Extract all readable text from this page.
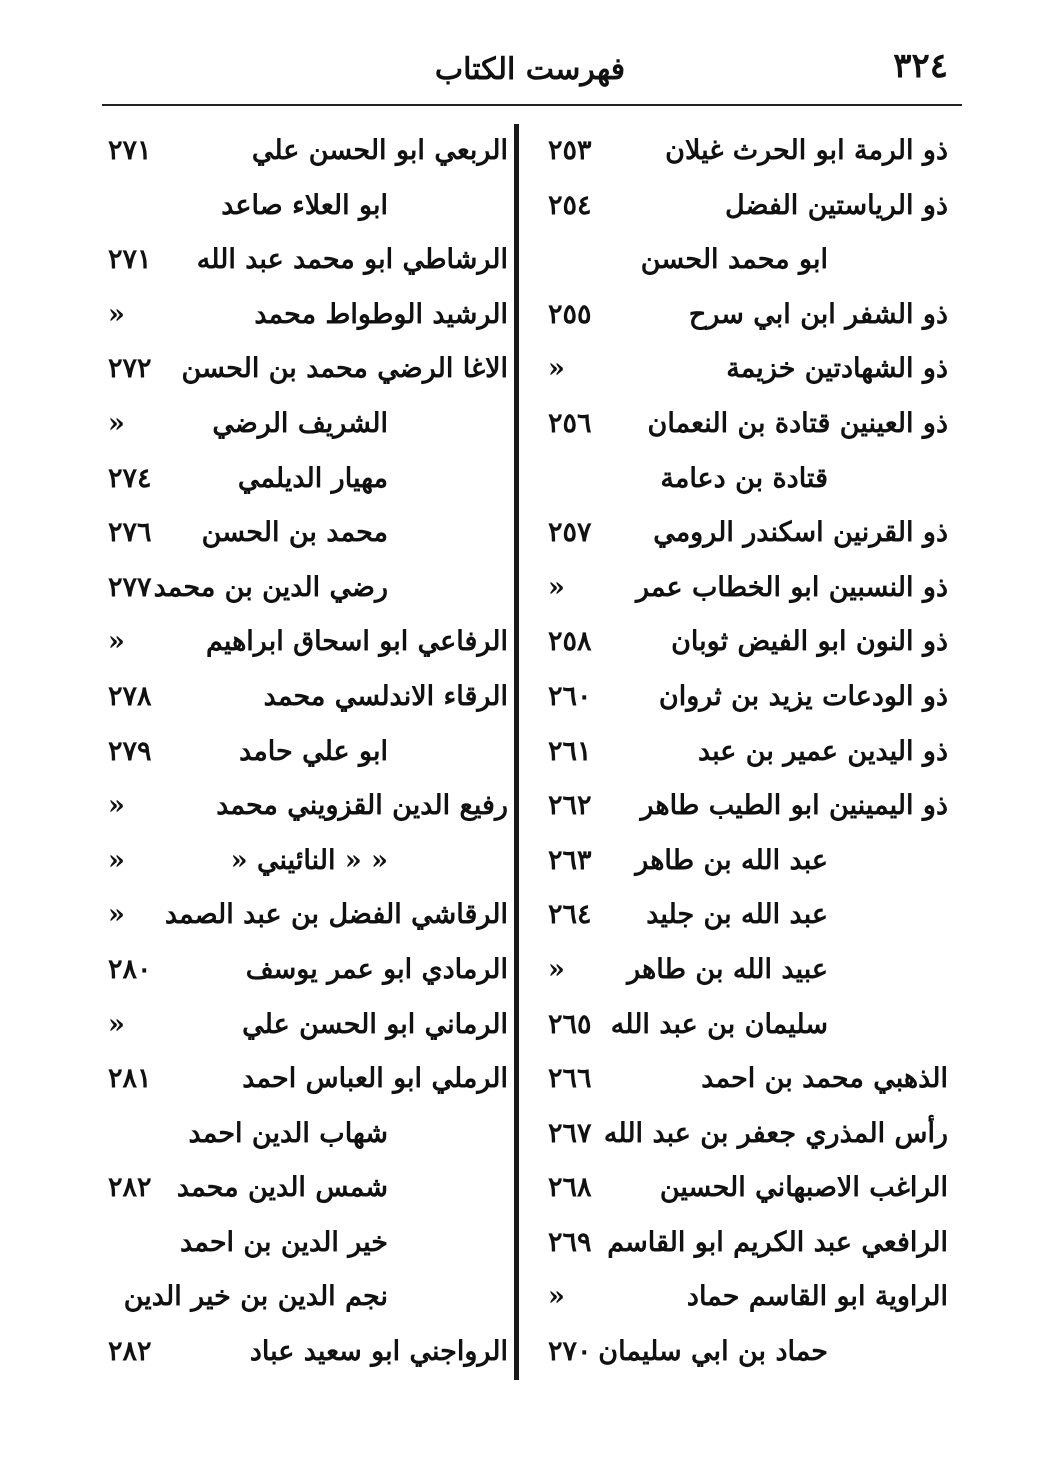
٣٢٤
فهرست الكتاب
ذو الرمة ابو الحرث غيلان
٢٥٣
ذو الرياستين الفضل
٢٥٤
ابو محمد الحسن
ذو الشفر ابن ابي سرح
٢٥٥
ذو الشهادتين خزيمة
«
ذو العينين قتادة بن النعمان
٢٥٦
قتادة بن دعامة
ذو القرنين اسكندر الرومي
٢٥٧
ذو النسبين ابو الخطاب عمر
«
ذو النون ابو الفيض ثوبان
٢٥٨
ذو الودعات يزيد بن ثروان
٢٦٠
ذو اليدين عمير بن عبد
٢٦١
ذو اليمينين ابو الطيب طاهر
٢٦٢
عبد الله بن طاهر
٢٦٣
عبد الله بن جليد
٢٦٤
عبيد الله بن طاهر
«
سليمان بن عبد الله
٢٦٥
الذهبي محمد بن احمد
٢٦٦
رأس المذري جعفر بن عبد الله
٢٦٧
الراغب الاصبهاني الحسين
٢٦٨
الرافعي عبد الكريم ابو القاسم
٢٦٩
الراوية ابو القاسم حماد
«
حماد بن ابي سليمان
٢٧٠
الربعي ابو الحسن علي
٢٧١
ابو العلاء صاعد
الرشاطي ابو محمد عبد الله
٢٧١
الرشيد الوطواط محمد
«
الاغا الرضي محمد بن الحسن
٢٧٢
الشريف الرضي
«
مهيار الديلمي
٢٧٤
محمد بن الحسن
٢٧٦
رضي الدين بن محمد
٢٧٧
الرفاعي ابو اسحاق ابراهيم
«
الرقاء الاندلسي محمد
٢٧٨
ابو علي حامد
٢٧٩
رفيع الدين القزويني محمد
«
« « النائيني «
«
الرقاشي الفضل بن عبد الصمد
«
الرمادي ابو عمر يوسف
٢٨٠
الرماني ابو الحسن علي
«
الرملي ابو العباس احمد
٢٨١
شهاب الدين احمد
شمس الدين محمد
٢٨٢
خير الدين بن احمد
نجم الدين بن خير الدين
الرواجني ابو سعيد عباد
٢٨٢
